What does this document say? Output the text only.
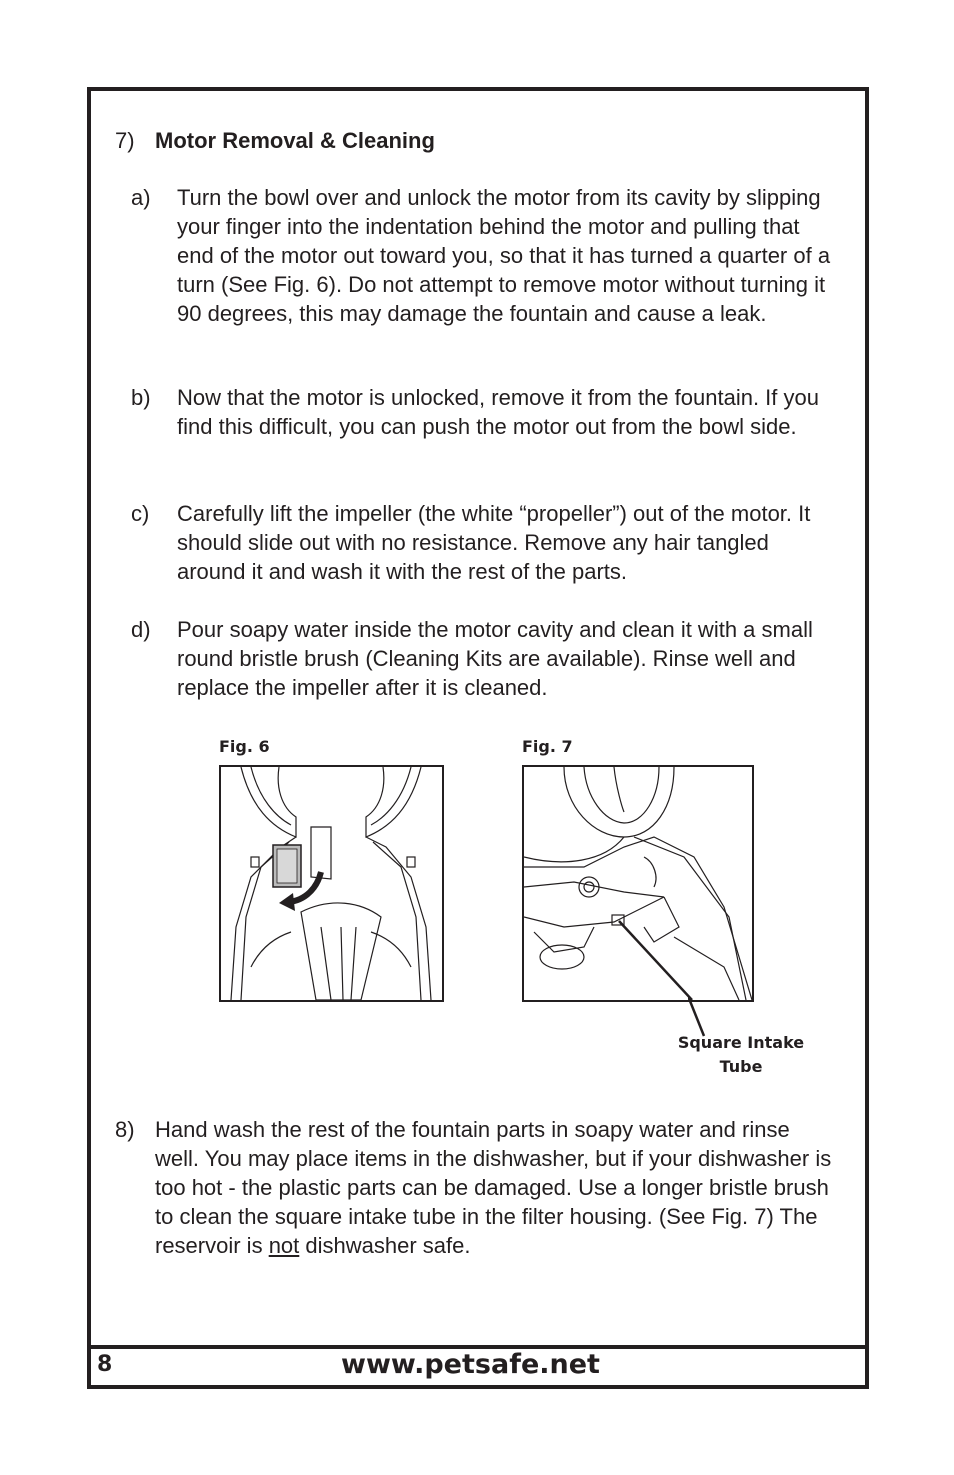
7) Motor Removal & Cleaning
a)	Turn the bowl over and unlock the motor from its cavity by slipping your finger into the indentation behind the motor and pulling that end of the motor out toward you, so that it has turned a quarter of a turn (See Fig. 6). Do not attempt to remove motor without turning it 90 degrees, this may damage the fountain and cause a leak.
b)	Now that the motor is unlocked, remove it from the fountain. If you find this difficult, you can push the motor out from the bowl side.
c)	Carefully lift the impeller (the white “propeller”) out of the motor. It should slide out with no resistance. Remove any hair tangled around it and wash it with the rest of the parts.
d)	Pour soapy water inside the motor cavity and clean it with a small round bristle brush (Cleaning Kits are available). Rinse well and replace the impeller after it is cleaned.
Fig. 6	Fig. 7
Square Intake
Tube
8) Hand wash the rest of the fountain parts in soapy water and rinse well. You may place items in the dishwasher, but if your dishwasher is too hot - the plastic parts can be damaged. Use a longer bristle brush to clean the square intake tube in the filter housing. (See Fig. 7) The reservoir is not dishwasher safe.
8	www.petsafe.net
